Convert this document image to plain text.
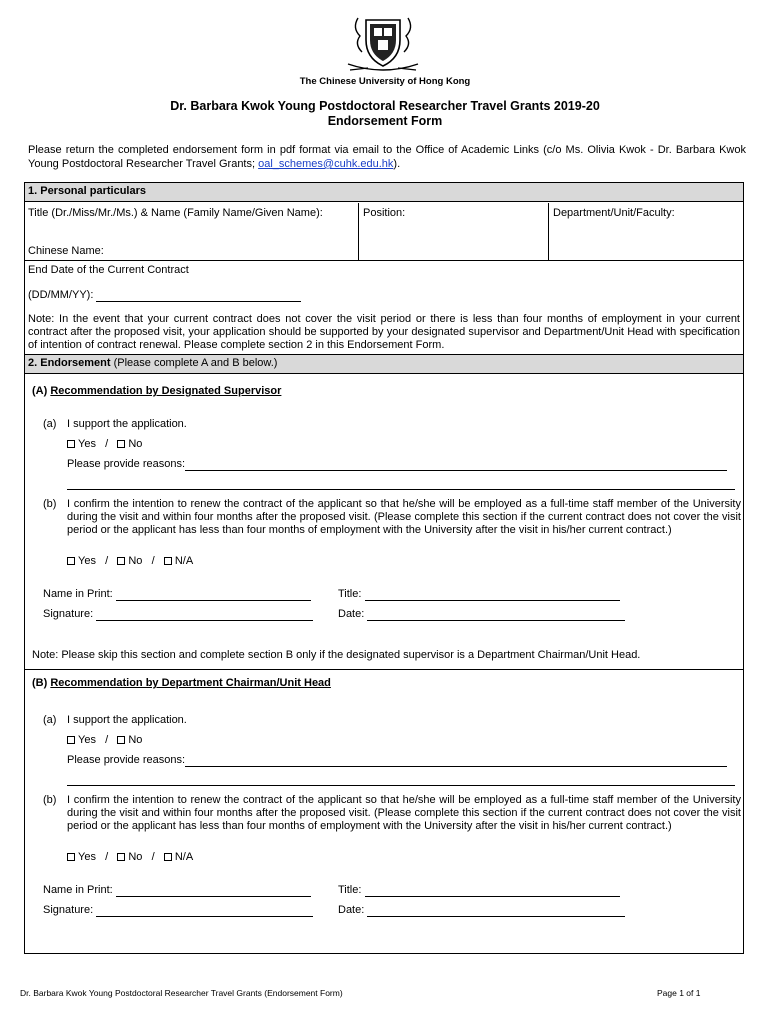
The Chinese University of Hong Kong
Dr. Barbara Kwok Young Postdoctoral Researcher Travel Grants 2019-20
Endorsement Form
Please return the completed endorsement form in pdf format via email to the Office of Academic Links (c/o Ms. Olivia Kwok - Dr. Barbara Kwok Young Postdoctoral Researcher Travel Grants; oal_schemes@cuhk.edu.hk).
1. Personal particulars
Title (Dr./Miss/Mr./Ms.) & Name (Family Name/Given Name):	Position:	Department/Unit/Faculty:
Chinese Name:
End Date of the Current Contract
(DD/MM/YY):
Note: In the event that your current contract does not cover the visit period or there is less than four months of employment in your current contract after the proposed visit, your application should be supported by your designated supervisor and Department/Unit Head with specification of intention of contract renewal. Please complete section 2 in this Endorsement Form.
2. Endorsement (Please complete A and B below.)
(A) Recommendation by Designated Supervisor
(a) I support the application.
Yes / No
Please provide reasons:
(b) I confirm the intention to renew the contract of the applicant so that he/she will be employed as a full-time staff member of the University during the visit and within four months after the proposed visit. (Please complete this section if the current contract does not cover the visit period or the applicant has less than four months of employment with the University after the visit in his/her current contract.)
Yes / No / N/A
Name in Print:	Title:
Signature:	Date:
Note: Please skip this section and complete section B only if the designated supervisor is a Department Chairman/Unit Head.
(B) Recommendation by Department Chairman/Unit Head
(a) I support the application.
Yes / No
Please provide reasons:
(b) I confirm the intention to renew the contract of the applicant so that he/she will be employed as a full-time staff member of the University during the visit and within four months after the proposed visit. (Please complete this section if the current contract does not cover the visit period or the applicant has less than four months of employment with the University after the visit in his/her current contract.)
Yes / No / N/A
Name in Print:	Title:
Signature:	Date:
Dr. Barbara Kwok Young Postdoctoral Researcher Travel Grants (Endorsement Form)	Page 1 of 1
